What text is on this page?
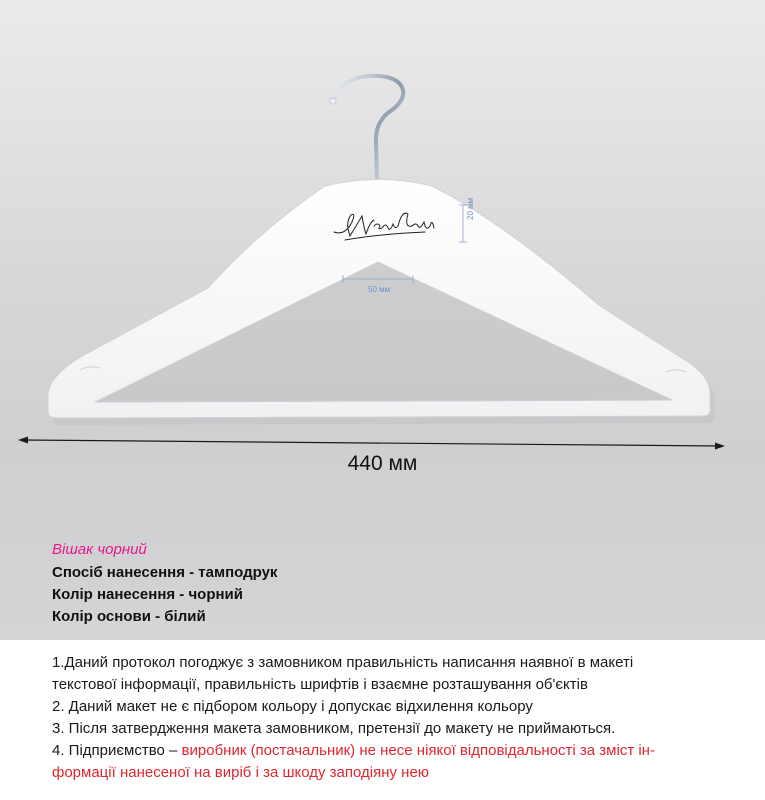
20 мм
50 мм
440 мм
Вішак чорний
Спосіб нанесення - тамподрук
Колір нанесення - чорний
Колір основи - білий
1.Даний протокол погоджує з замовником правильність написання наявної в макеті
текстової інформації, правильність шрифтів і взаємне розташування об'єктів
2. Даний макет не є підбором кольору і допускає відхилення кольору
3. Після затвердження макета замовником, претензії до макету не приймаються.
4. Підприємство – виробник (постачальник) не несе ніякої відповідальності за зміст ін-
формації нанесеної на виріб і за шкоду заподіяну нею
